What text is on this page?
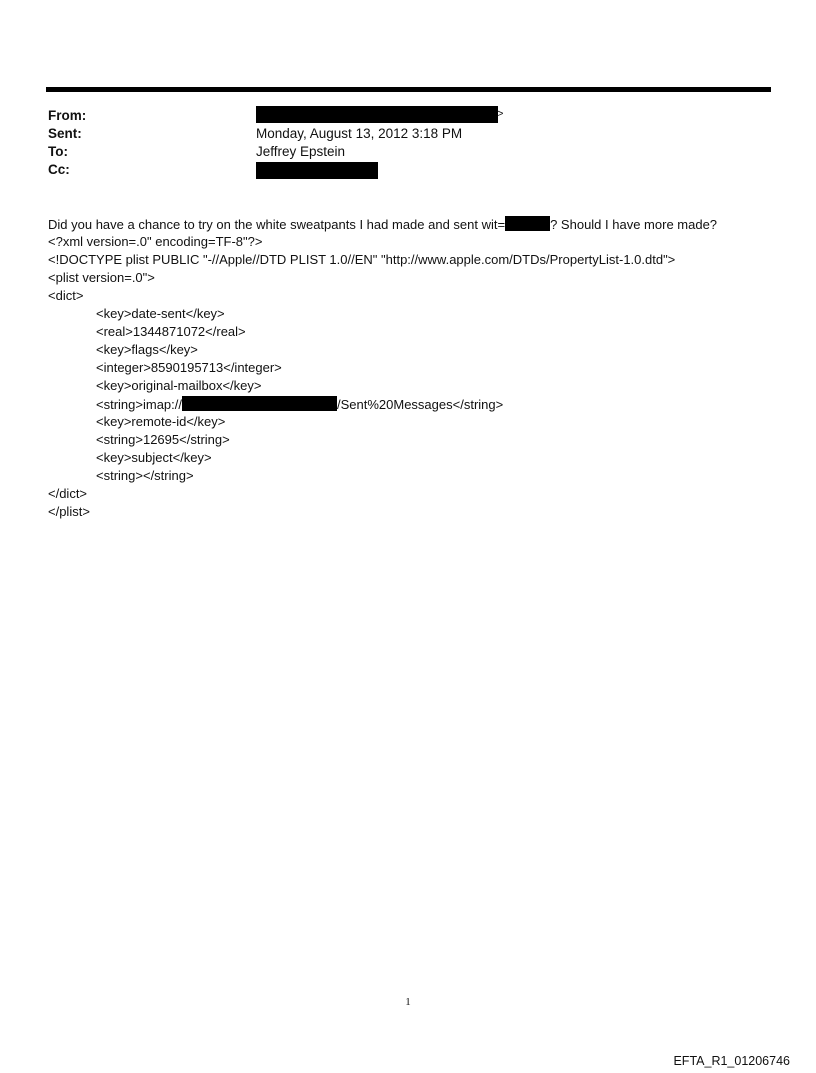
From:	>
Sent:	Monday, August 13, 2012 3:18 PM
To:	Jeffrey Epstein
Cc:
Did you have a chance to try on the white sweatpants I had made and sent wit=	? Should I have more made?
<?xml version=.0" encoding=TF-8"?>
<!DOCTYPE plist PUBLIC "-//Apple//DTD PLIST 1.0//EN" "http://www.apple.com/DTDs/PropertyList-1.0.dtd">
<plist version=.0">
<dict>
<key>date-sent</key>
<real>1344871072</real>
<key>flags</key>
<integer>8590195713</integer>
<key>original-mailbox</key>
<string>imap://	/Sent%20Messages</string>
<key>remote-id</key>
<string>12695</string>
<key>subject</key>
<string></string>
</dict>
</plist>
1
EFTA_R1_01206746
